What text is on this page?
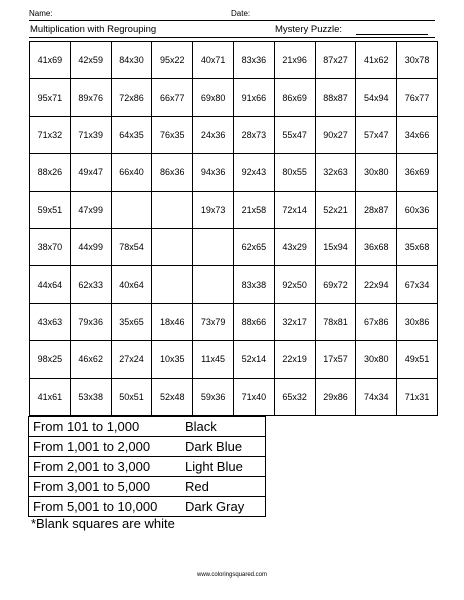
Name:	Date:
Multiplication with Regrouping	Mystery Puzzle:
41x69	42x59	84x30	95x22	40x71	83x36	21x96	87x27	41x62	30x78
95x71	89x76	72x86	66x77	69x80	91x66	86x69	88x87	54x94	76x77
71x32	71x39	64x35	76x35	24x36	28x73	55x47	90x27	57x47	34x66
88x26	49x47	66x40	86x36	94x36	92x43	80x55	32x63	30x80	36x69
59x51	47x99			19x73	21x58	72x14	52x21	28x87	60x36
38x70	44x99	78x54			62x65	43x29	15x94	36x68	35x68
44x64	62x33	40x64			83x38	92x50	69x72	22x94	67x34
43x63	79x36	35x65	18x46	73x79	88x66	32x17	78x81	67x86	30x86
98x25	46x62	27x24	10x35	11x45	52x14	22x19	17x57	30x80	49x51
41x61	53x38	50x51	52x48	59x36	71x40	65x32	29x86	74x34	71x31
From 101 to 1,000	Black
From 1,001 to 2,000	Dark Blue
From 2,001 to 3,000	Light Blue
From 3,001 to 5,000	Red
From 5,001 to 10,000	Dark Gray
*Blank squares are white
www.coloringsquared.com
